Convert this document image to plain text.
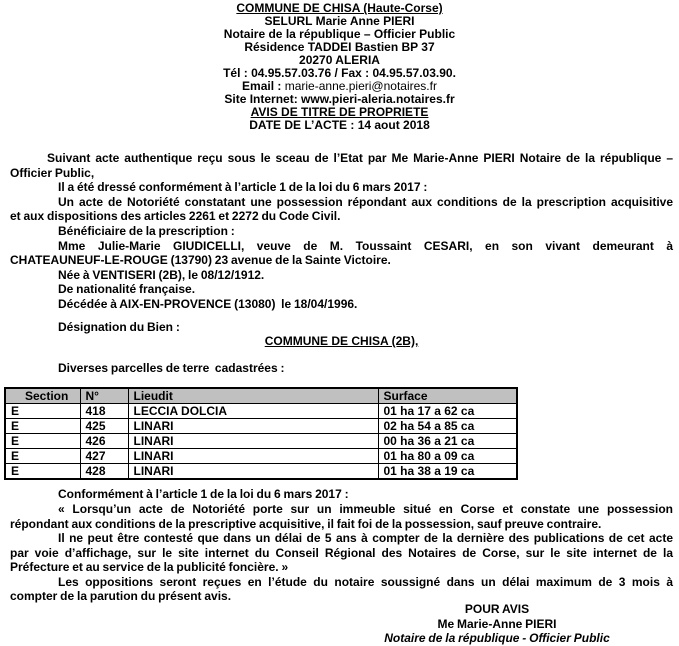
COMMUNE DE CHISA (Haute-Corse)
SELURL Marie Anne PIERI
Notaire de la république – Officier Public
Résidence TADDEI Bastien BP 37
20270 ALERIA
Tél : 04.95.57.03.76 / Fax : 04.95.57.03.90.
Email : marie-anne.pieri@notaires.fr
Site Internet: www.pieri-aleria.notaires.fr
AVIS DE TITRE DE PROPRIETE
DATE DE L’ACTE : 14 aout 2018
Suivant acte authentique reçu sous le sceau de l’Etat par Me Marie-Anne PIERI Notaire de la république –
Officier Public,
Il a été dressé conformément à l’article 1 de la loi du 6 mars 2017 :
Un acte de Notoriété constatant une possession répondant aux conditions de la prescription acquisitive
et aux dispositions des articles 2261 et 2272 du Code Civil.
Bénéficiaire de la prescription :
Mme Julie-Marie GIUDICELLI, veuve de M. Toussaint CESARI, en son vivant demeurant à
CHATEAUNEUF-LE-ROUGE (13790) 23 avenue de la Sainte Victoire.
Née à VENTISERI (2B), le 08/12/1912.
De nationalité française.
Décédée à AIX-EN-PROVENCE (13080)  le 18/04/1996.
Désignation du Bien :
COMMUNE DE CHISA (2B),
Diverses parcelles de terre  cadastrées :
Section	N°	Lieudit	Surface
E	418	LECCIA DOLCIA	01 ha 17 a 62 ca
E	425	LINARI	02 ha 54 a 85 ca
E	426	LINARI	00 ha 36 a 21 ca
E	427	LINARI	01 ha 80 a 09 ca
E	428	LINARI	01 ha 38 a 19 ca
Conformément à l’article 1 de la loi du 6 mars 2017 :
« Lorsqu’un acte de Notoriété porte sur un immeuble situé en Corse et constate une possession
répondant aux conditions de la prescriptive acquisitive, il fait foi de la possession, sauf preuve contraire.
Il ne peut être contesté que dans un délai de 5 ans à compter de la dernière des publications de cet acte
par voie d’affichage, sur le site internet du Conseil Régional des Notaires de Corse, sur le site internet de la
Préfecture et au service de la publicité foncière. »
Les oppositions seront reçues en l’étude du notaire soussigné dans un délai maximum de 3 mois à
compter de la parution du présent avis.
POUR AVIS
Me Marie-Anne PIERI
Notaire de la république - Officier Public
